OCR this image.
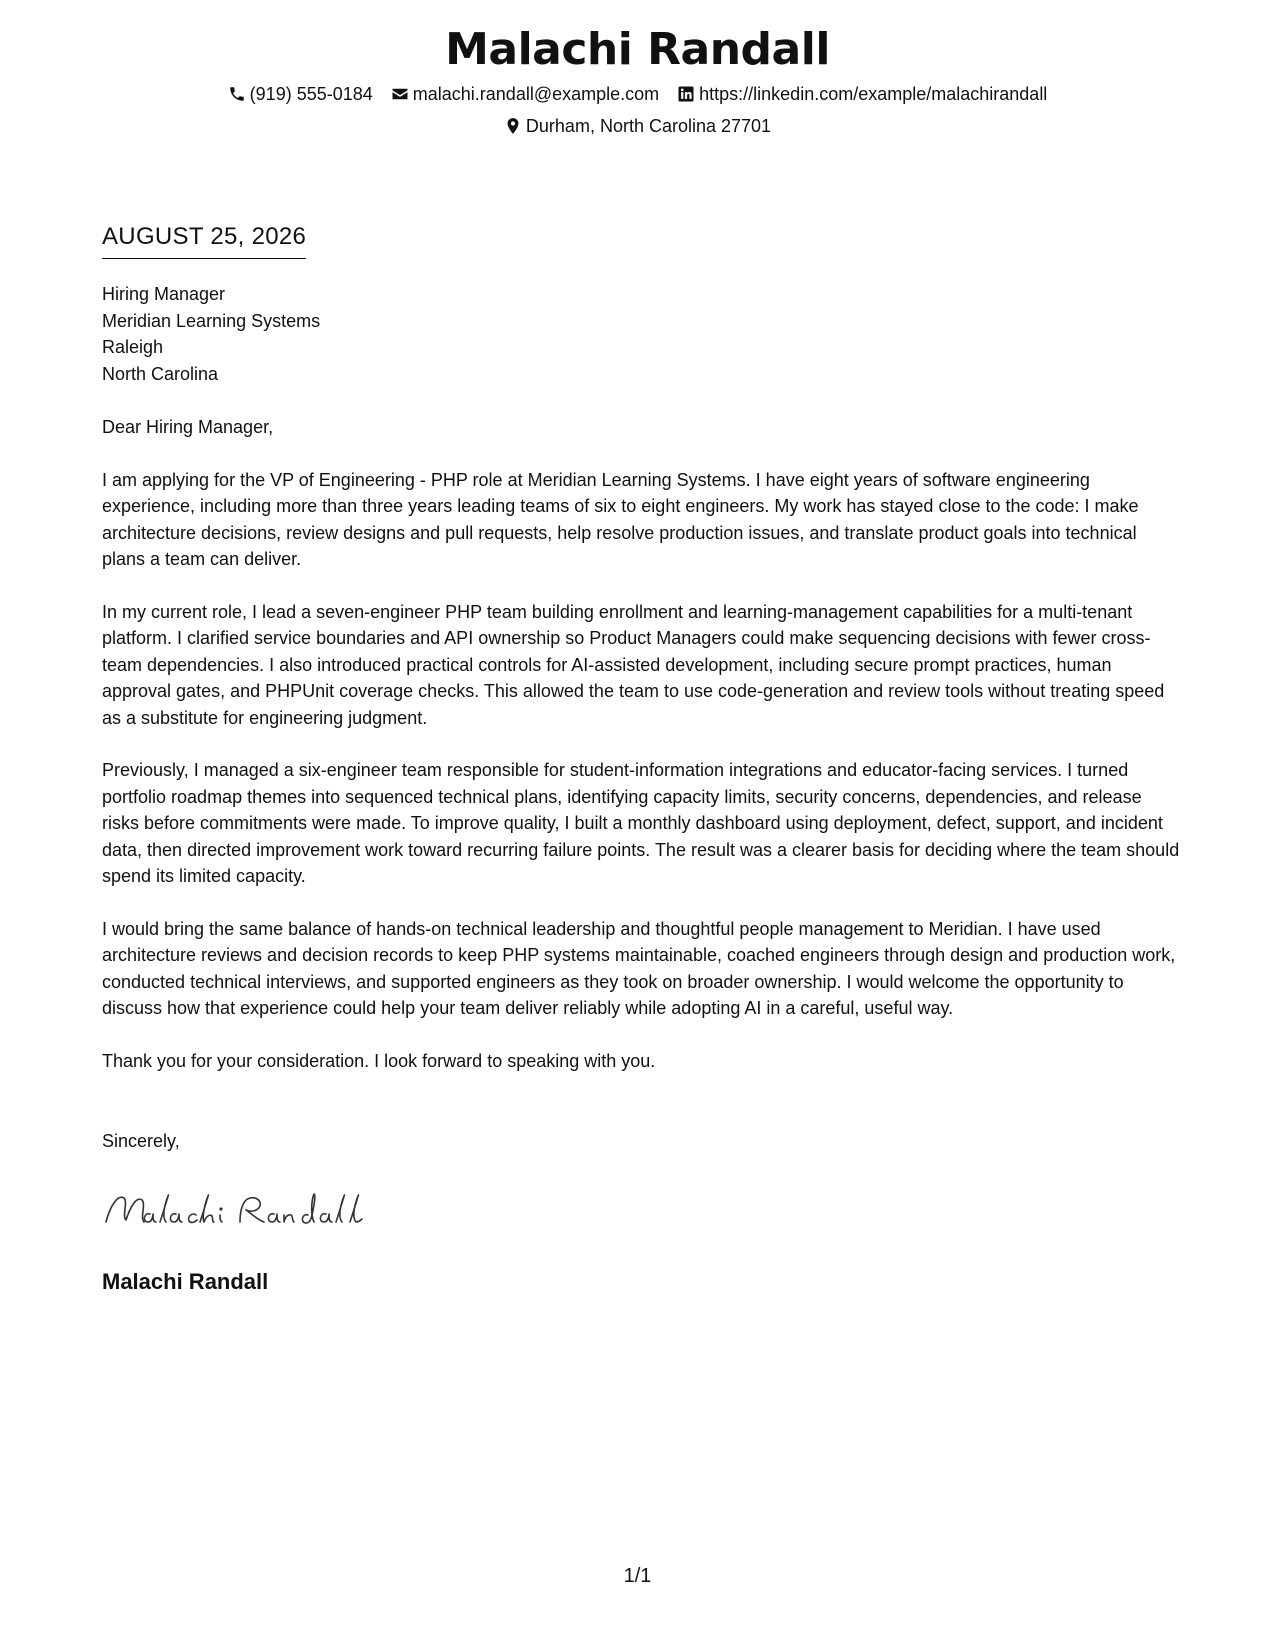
Malachi Randall
(919) 555-0184 malachi.randall@example.com https://linkedin.com/example/malachirandall
Durham, North Carolina 27701
AUGUST 25, 2026
Hiring Manager
Meridian Learning Systems
Raleigh
North Carolina

Dear Hiring Manager,

I am applying for the VP of Engineering - PHP role at Meridian Learning Systems. I have eight years of software engineering experience, including more than three years leading teams of six to eight engineers. My work has stayed close to the code: I make architecture decisions, review designs and pull requests, help resolve production issues, and translate product goals into technical plans a team can deliver.

In my current role, I lead a seven-engineer PHP team building enrollment and learning-management capabilities for a multi-tenant platform. I clarified service boundaries and API ownership so Product Managers could make sequencing decisions with fewer cross-team dependencies. I also introduced practical controls for AI-assisted development, including secure prompt practices, human approval gates, and PHPUnit coverage checks. This allowed the team to use code-generation and review tools without treating speed as a substitute for engineering judgment.

Previously, I managed a six-engineer team responsible for student-information integrations and educator-facing services. I turned portfolio roadmap themes into sequenced technical plans, identifying capacity limits, security concerns, dependencies, and release risks before commitments were made. To improve quality, I built a monthly dashboard using deployment, defect, support, and incident data, then directed improvement work toward recurring failure points. The result was a clearer basis for deciding where the team should spend its limited capacity.

I would bring the same balance of hands-on technical leadership and thoughtful people management to Meridian. I have used architecture reviews and decision records to keep PHP systems maintainable, coached engineers through design and production work, conducted technical interviews, and supported engineers as they took on broader ownership. I would welcome the opportunity to discuss how that experience could help your team deliver reliably while adopting AI in a careful, useful way.

Thank you for your consideration. I look forward to speaking with you.

Sincerely,
Malachi Randall
1/1
